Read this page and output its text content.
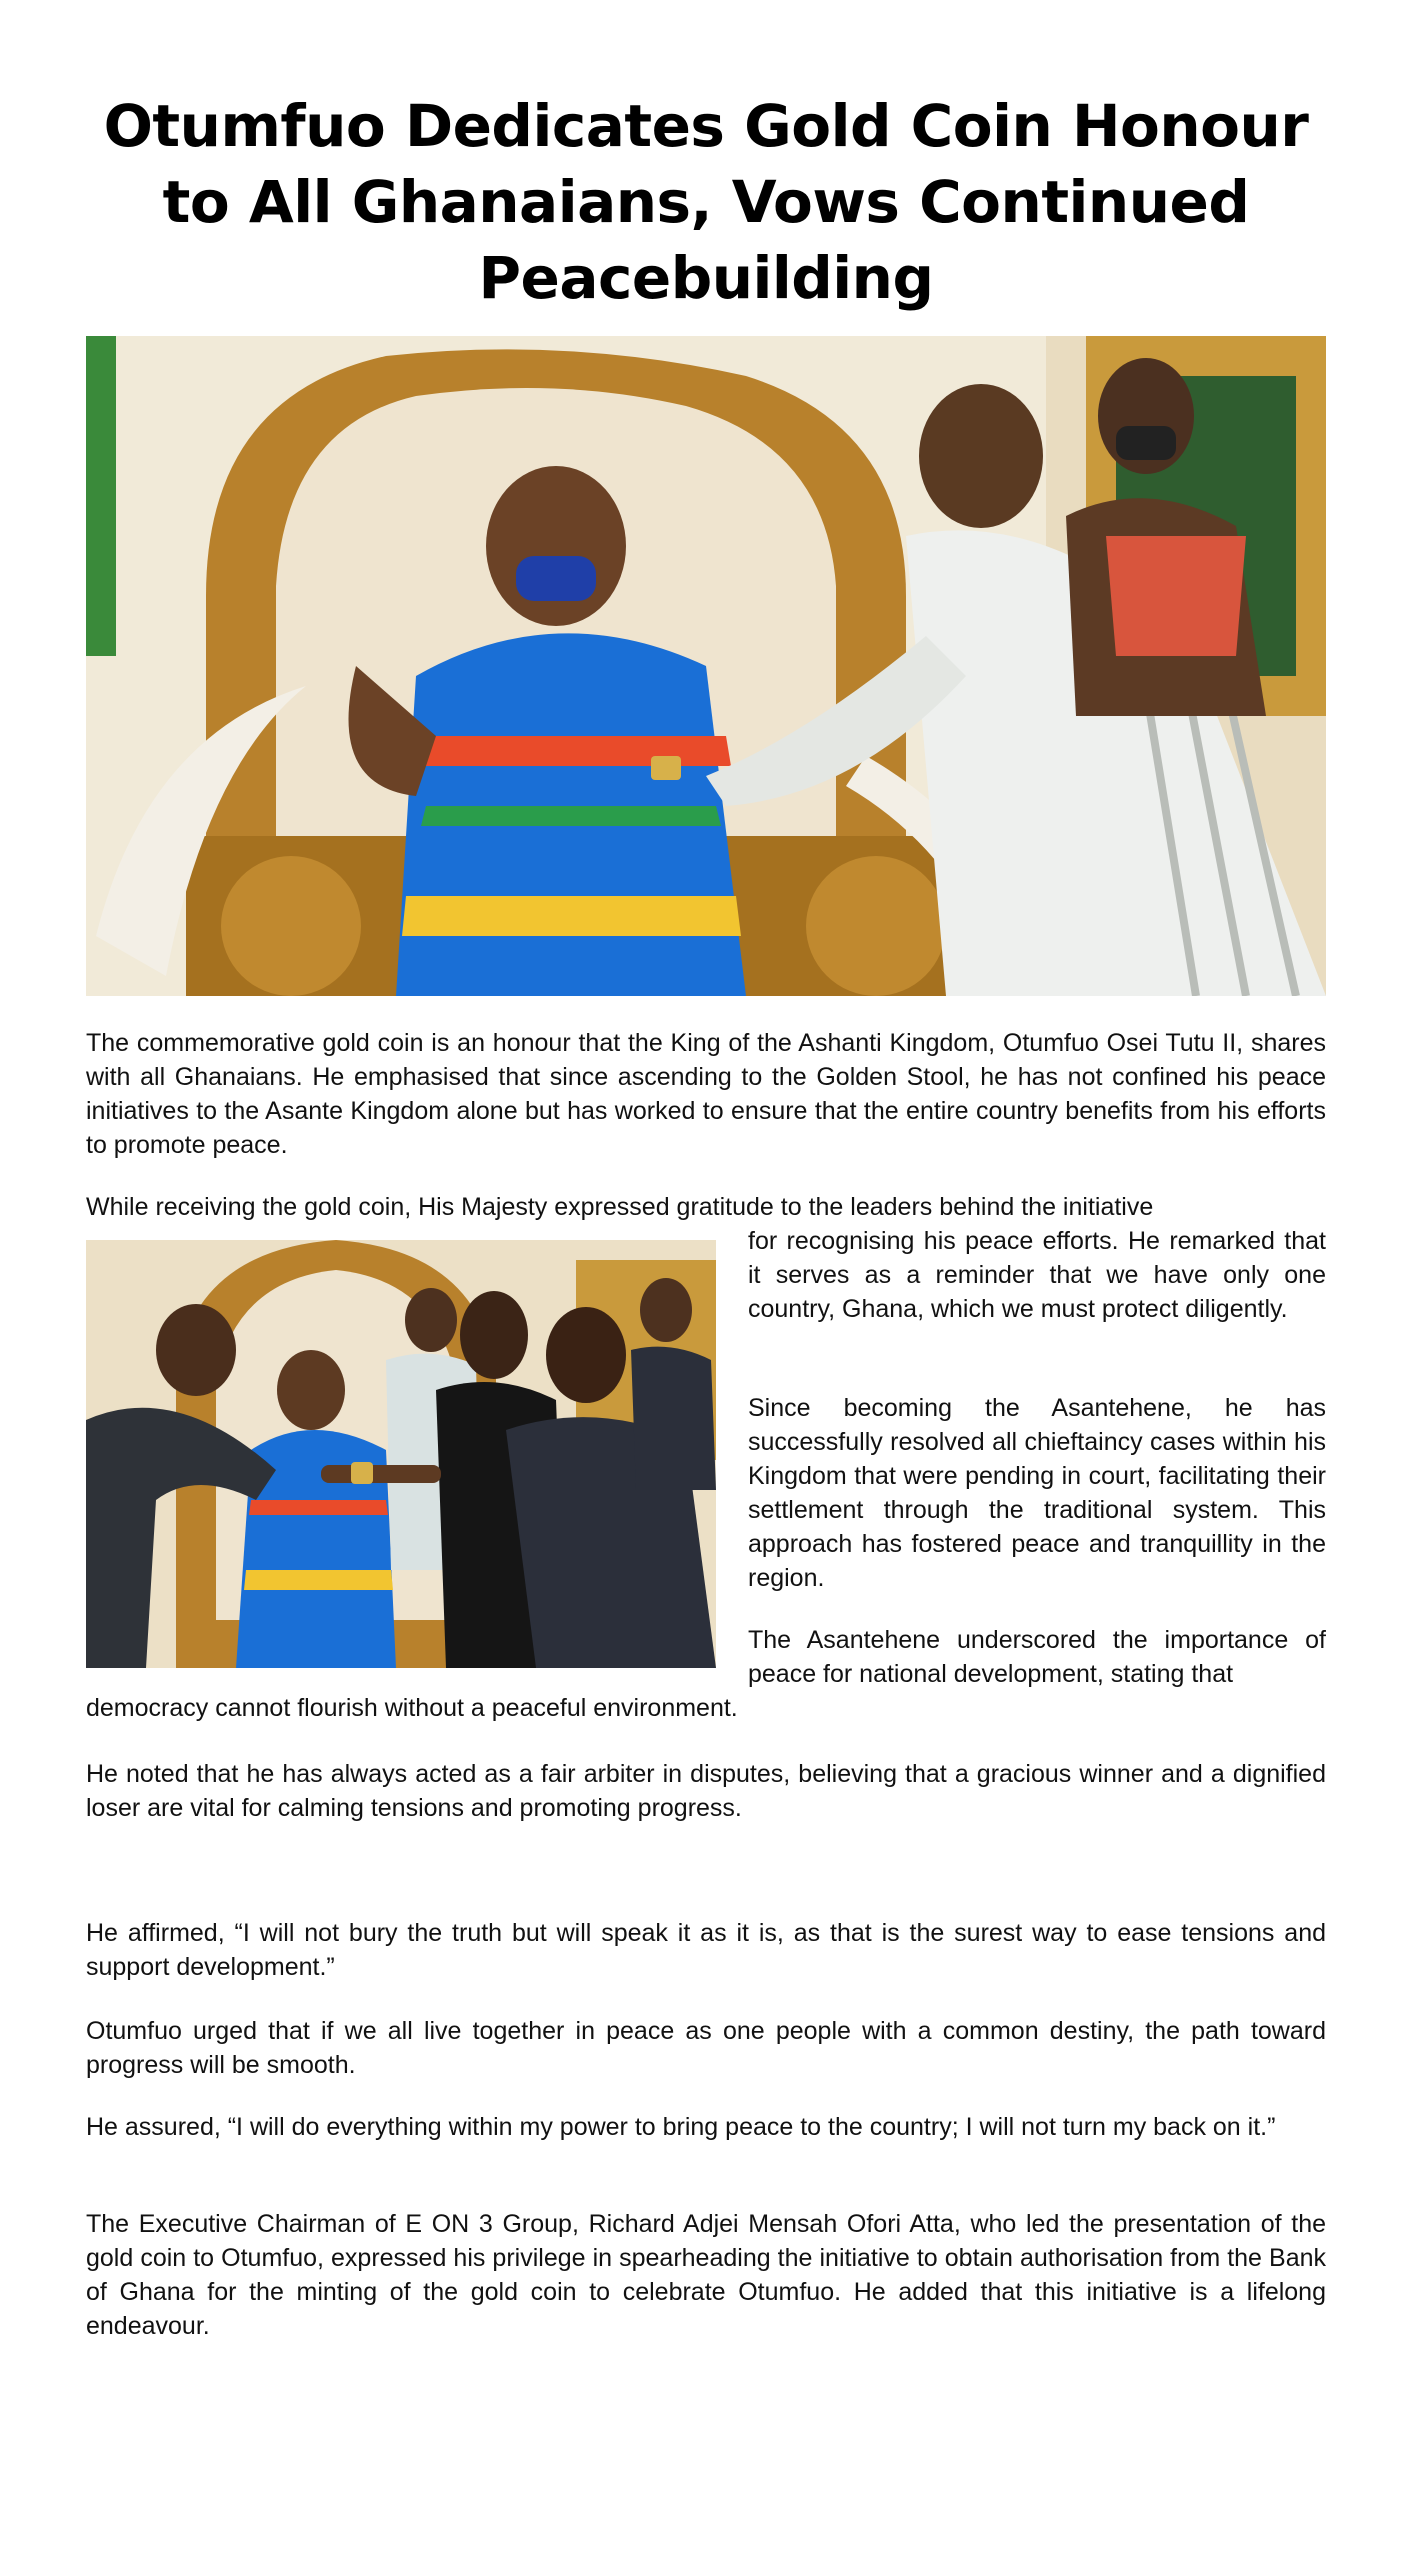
Otumfuo Dedicates Gold Coin Honour to All Ghanaians, Vows Continued Peacebuilding

The commemorative gold coin is an honour that the King of the Ashanti Kingdom, Otumfuo Osei Tutu II, shares with all Ghanaians. He emphasised that since ascending to the Golden Stool, he has not confined his peace initiatives to the Asante Kingdom alone but has worked to ensure that the entire country benefits from his efforts to promote peace.

While receiving the gold coin, His Majesty expressed gratitude to the leaders behind the initiative

for recognising his peace efforts. He remarked that it serves as a reminder that we have only one country, Ghana, which we must protect diligently.

Since becoming the Asantehene, he has successfully resolved all chieftaincy cases within his Kingdom that were pending in court, facilitating their settlement through the traditional system. This approach has fostered peace and tranquillity in the region.

The Asantehene underscored the importance of peace for national development, stating that

democracy cannot flourish without a peaceful environment.

He noted that he has always acted as a fair arbiter in disputes, believing that a gracious winner and a dignified loser are vital for calming tensions and promoting progress.

He affirmed, “I will not bury the truth but will speak it as it is, as that is the surest way to ease tensions and support development.”

Otumfuo urged that if we all live together in peace as one people with a common destiny, the path toward progress will be smooth.

He assured, “I will do everything within my power to bring peace to the country; I will not turn my back on it.”

The Executive Chairman of E ON 3 Group, Richard Adjei Mensah Ofori Atta, who led the presentation of the gold coin to Otumfuo, expressed his privilege in spearheading the initiative to obtain authorisation from the Bank of Ghana for the minting of the gold coin to celebrate Otumfuo. He added that this initiative is a lifelong endeavour.
